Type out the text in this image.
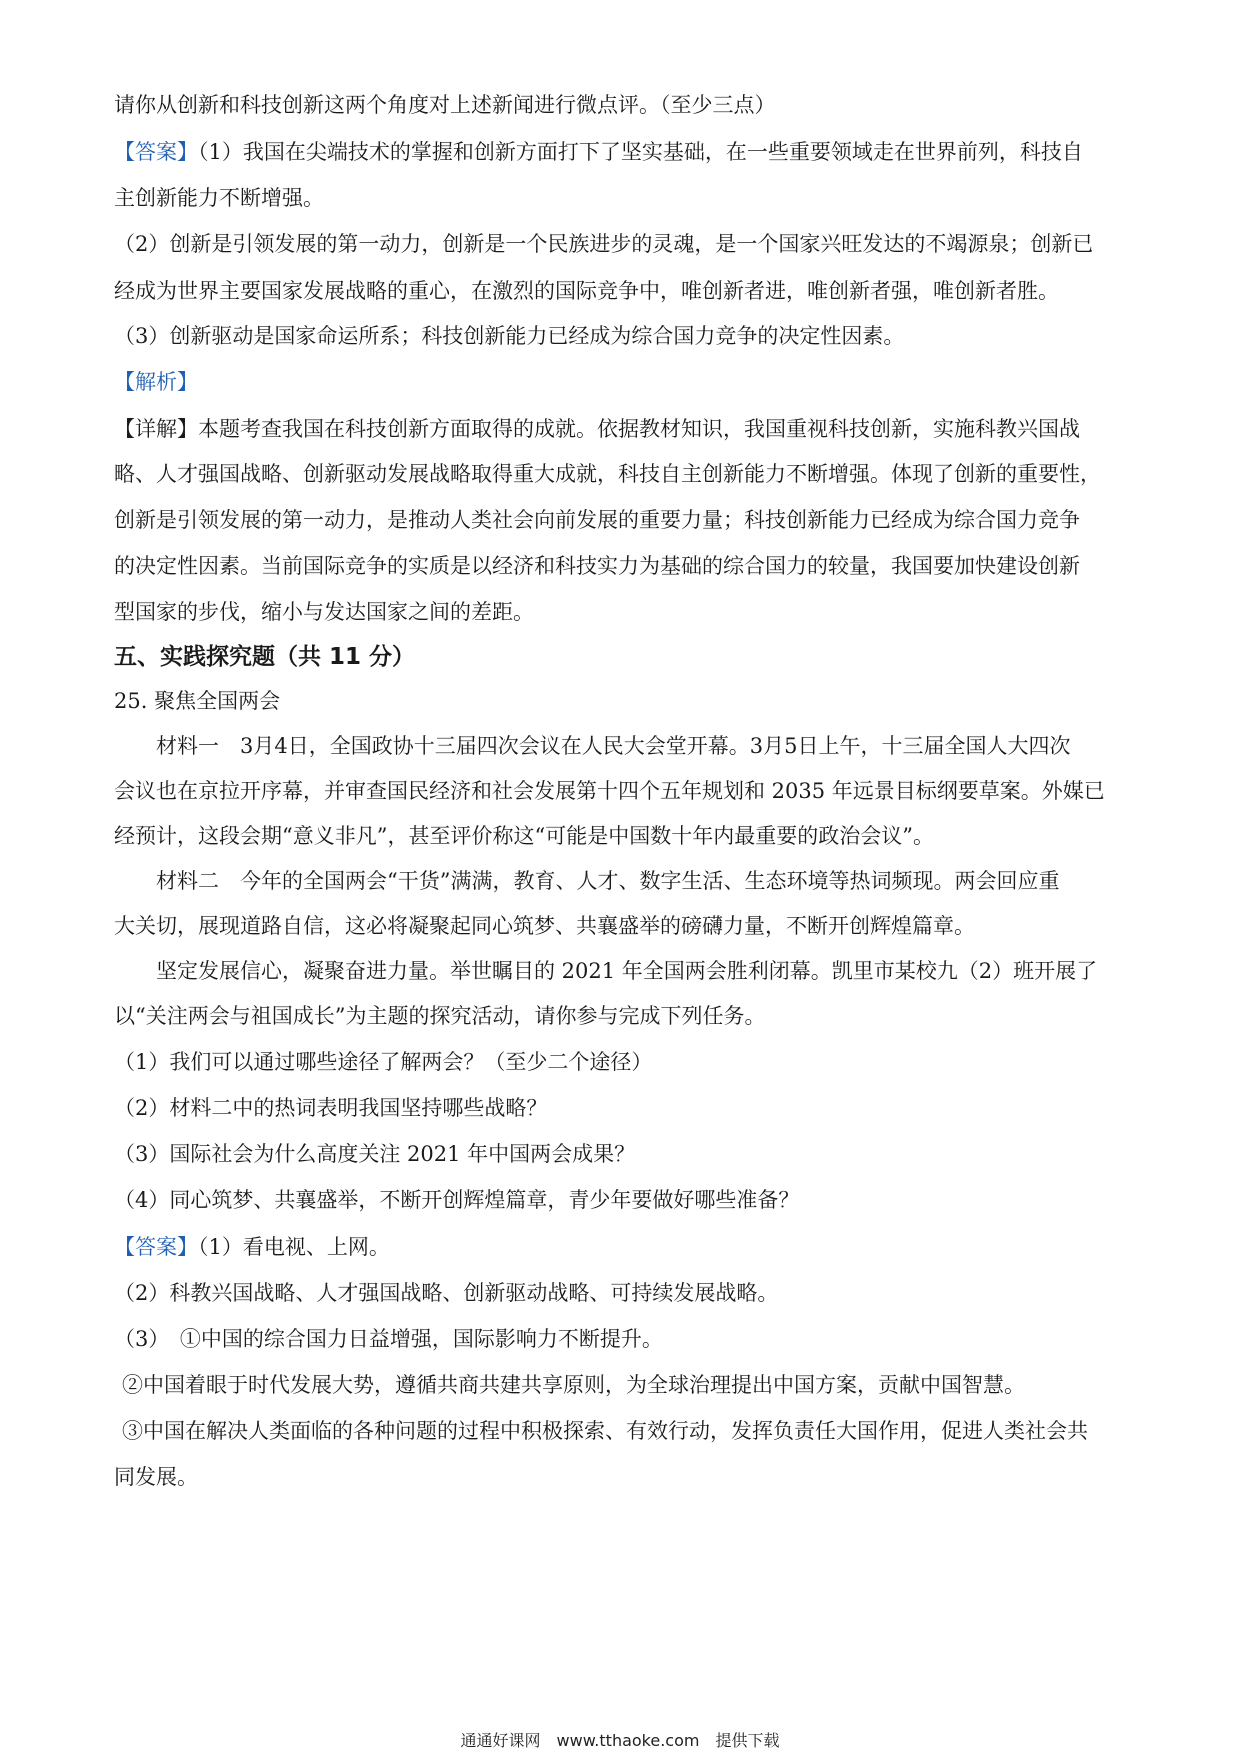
请你从创新和科技创新这两个角度对上述新闻进行微点评。（至少三点）
【答案】（1）我国在尖端技术的掌握和创新方面打下了坚实基础，在一些重要领域走在世界前列，科技自
主创新能力不断增强。
（2）创新是引领发展的第一动力，创新是一个民族进步的灵魂，是一个国家兴旺发达的不竭源泉；创新已
经成为世界主要国家发展战略的重心，在激烈的国际竞争中，唯创新者进，唯创新者强，唯创新者胜。
（3）创新驱动是国家命运所系；科技创新能力已经成为综合国力竞争的决定性因素。
【解析】
【详解】本题考查我国在科技创新方面取得的成就。依据教材知识，我国重视科技创新，实施科教兴国战
略、人才强国战略、创新驱动发展战略取得重大成就，科技自主创新能力不断增强。体现了创新的重要性，
创新是引领发展的第一动力，是推动人类社会向前发展的重要力量；科技创新能力已经成为综合国力竞争
的决定性因素。当前国际竞争的实质是以经济和科技实力为基础的综合国力的较量，我国要加快建设创新
型国家的步伐，缩小与发达国家之间的差距。
五、实践探究题（共 11 分）
25. 聚焦全国两会
材料一　3月4日，全国政协十三届四次会议在人民大会堂开幕。3月5日上午，十三届全国人大四次
会议也在京拉开序幕，并审查国民经济和社会发展第十四个五年规划和 2035 年远景目标纲要草案。外媒已
经预计，这段会期“意义非凡”，甚至评价称这“可能是中国数十年内最重要的政治会议”。
材料二　今年的全国两会“干货”满满，教育、人才、数字生活、生态环境等热词频现。两会回应重
大关切，展现道路自信，这必将凝聚起同心筑梦、共襄盛举的磅礴力量，不断开创辉煌篇章。
坚定发展信心，凝聚奋进力量。举世瞩目的 2021 年全国两会胜利闭幕。凯里市某校九（2）班开展了
以“关注两会与祖国成长”为主题的探究活动，请你参与完成下列任务。
（1）我们可以通过哪些途径了解两会？（至少二个途径）
（2）材料二中的热词表明我国坚持哪些战略？
（3）国际社会为什么高度关注 2021 年中国两会成果？
（4）同心筑梦、共襄盛举，不断开创辉煌篇章，青少年要做好哪些准备？
【答案】（1）看电视、上网。
（2）科教兴国战略、人才强国战略、创新驱动战略、可持续发展战略。
（3）　①中国的综合国力日益增强，国际影响力不断提升。
②中国着眼于时代发展大势，遵循共商共建共享原则，为全球治理提出中国方案，贡献中国智慧。
③中国在解决人类面临的各种问题的过程中积极探索、有效行动，发挥负责任大国作用，促进人类社会共
同发展。
通通好课网　www.tthaoke.com　提供下载
